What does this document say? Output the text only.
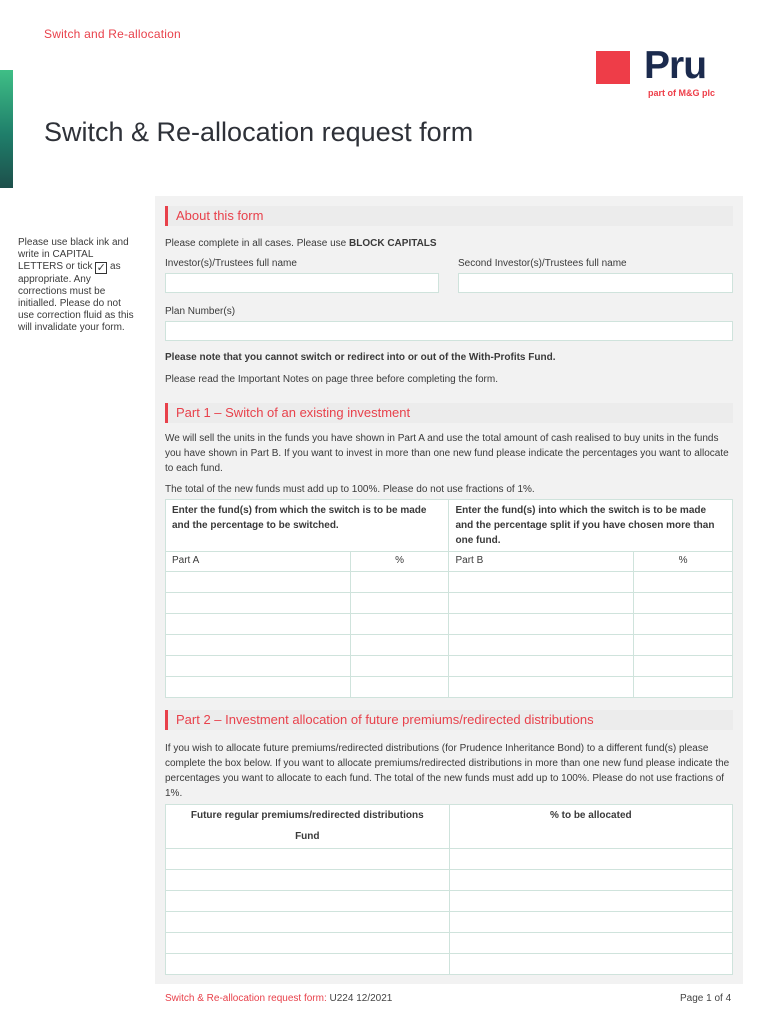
Switch and Re-allocation
Pru
part of M&G plc
Switch & Re-allocation request form
Please use black ink and write in CAPITAL LETTERS or tick ✓ as appropriate. Any corrections must be initialled. Please do not use correction fluid as this will invalidate your form.
About this form
Please complete in all cases. Please use BLOCK CAPITALS
Investor(s)/Trustees full name	Second Investor(s)/Trustees full name
Plan Number(s)
Please note that you cannot switch or redirect into or out of the With-Profits Fund.
Please read the Important Notes on page three before completing the form.
Part 1 – Switch of an existing investment
We will sell the units in the funds you have shown in Part A and use the total amount of cash realised to buy units in the funds you have shown in Part B. If you want to invest in more than one new fund please indicate the percentages you want to allocate to each fund.
The total of the new funds must add up to 100%. Please do not use fractions of 1%.
Enter the fund(s) from which the switch is to be made and the percentage to be switched.		Enter the fund(s) into which the switch is to be made and the percentage split if you have chosen more than one fund.	
Part A	%	Part B	%

Part 2 – Investment allocation of future premiums/redirected distributions
If you wish to allocate future premiums/redirected distributions (for Prudence Inheritance Bond) to a different fund(s) please complete the box below. If you want to allocate premiums/redirected distributions in more than one new fund please indicate the percentages you want to allocate to each fund. The total of the new funds must add up to 100%. Please do not use fractions of 1%.
Future regular premiums/redirected distributions
Fund	% to be allocated

Switch & Re-allocation request form: U224 12/2021	Page 1 of 4
